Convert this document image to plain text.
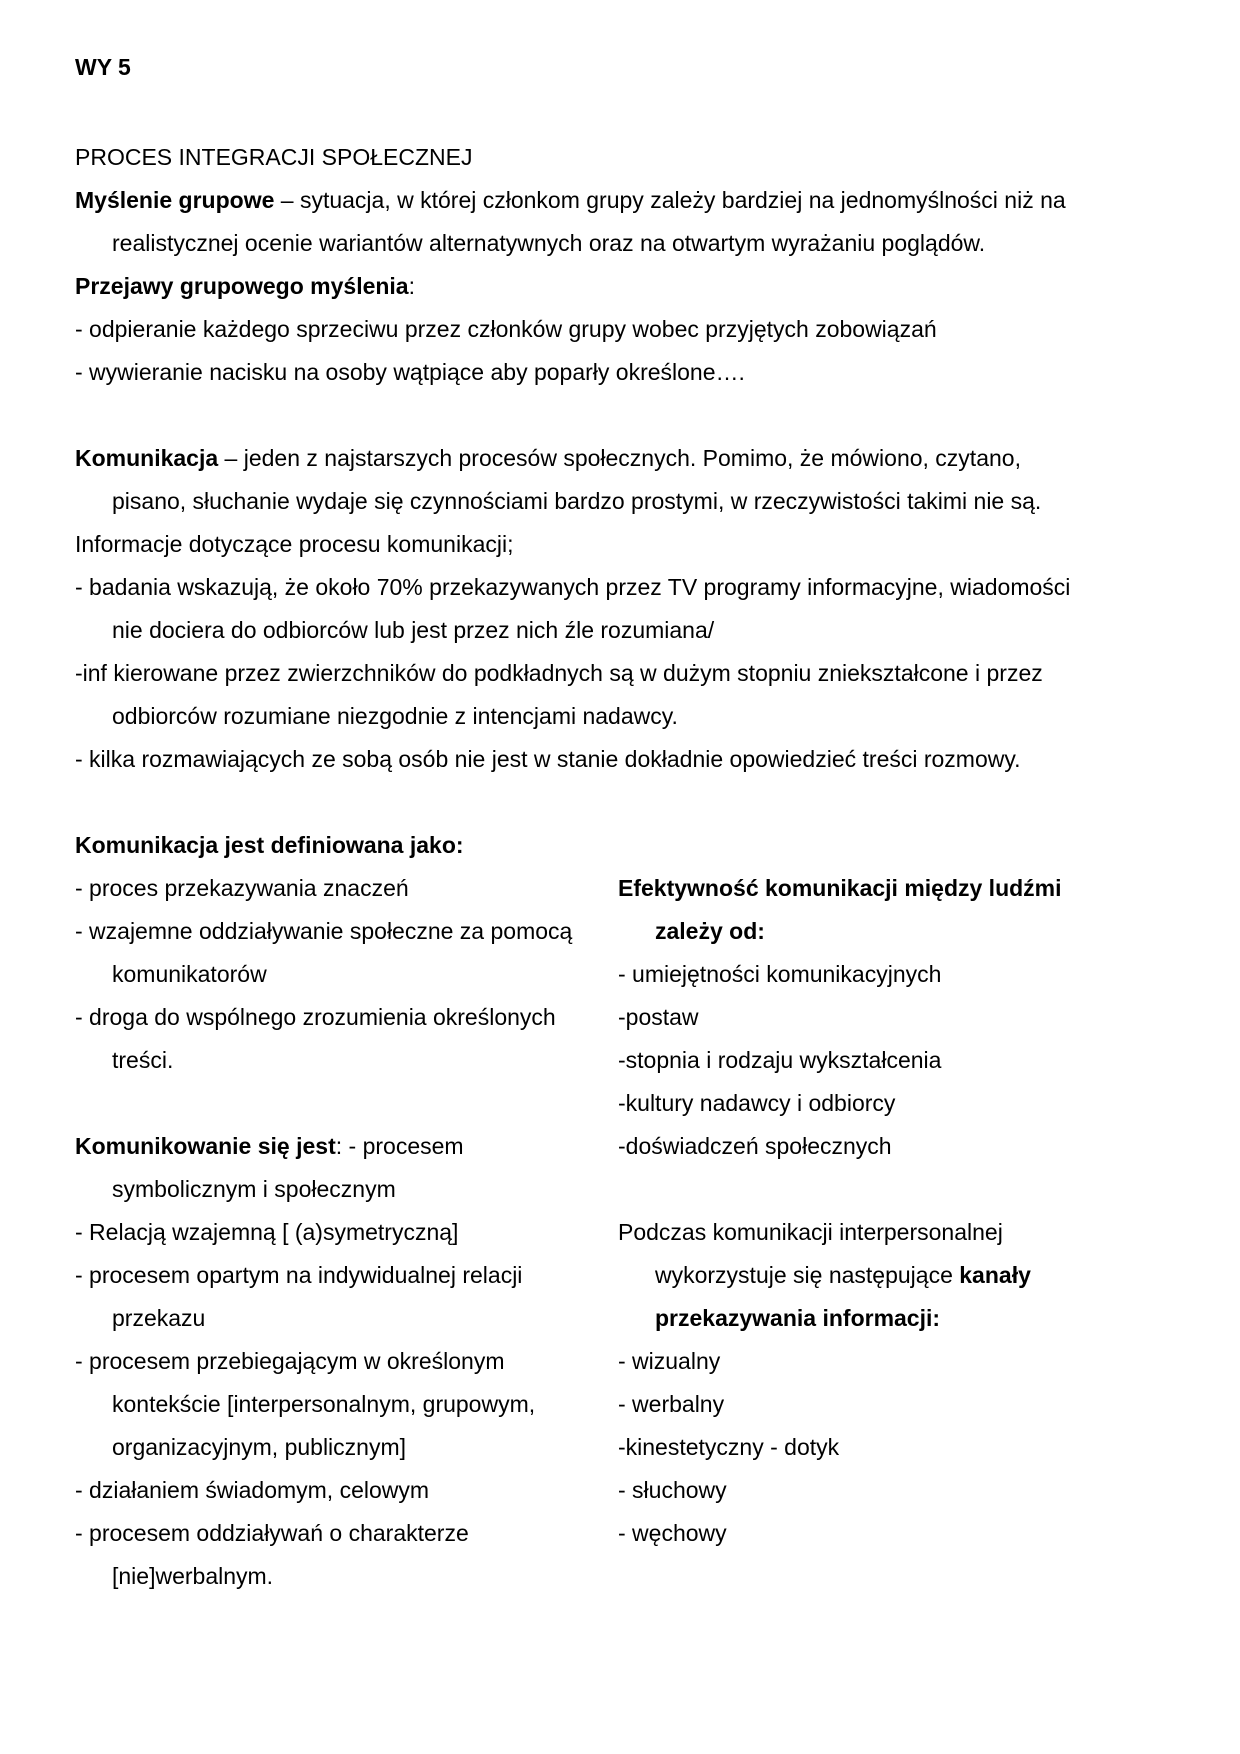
WY 5
PROCES INTEGRACJI SPOŁECZNEJ
Myślenie grupowe – sytuacja, w której członkom grupy zależy bardziej na jednomyślności niż na
realistycznej ocenie wariantów alternatywnych oraz na otwartym wyrażaniu poglądów.
Przejawy grupowego myślenia:
- odpieranie każdego sprzeciwu przez członków grupy wobec przyjętych zobowiązań
- wywieranie nacisku na osoby wątpiące aby poparły określone….
Komunikacja – jeden z najstarszych procesów społecznych. Pomimo, że mówiono, czytano,
pisano, słuchanie wydaje się czynnościami bardzo prostymi, w rzeczywistości takimi nie są.
Informacje dotyczące procesu komunikacji;
- badania wskazują, że około 70% przekazywanych przez TV programy informacyjne, wiadomości
nie dociera do odbiorców lub jest przez nich źle rozumiana/
-inf kierowane przez zwierzchników do podkładnych są w dużym stopniu zniekształcone i przez
odbiorców rozumiane niezgodnie z intencjami nadawcy.
- kilka rozmawiających ze sobą osób nie jest w stanie dokładnie opowiedzieć treści rozmowy.
Komunikacja jest definiowana jako:
- proces przekazywania znaczeń
- wzajemne oddziaływanie społeczne za pomocą
komunikatorów
- droga do wspólnego zrozumienia określonych
treści.
Komunikowanie się jest: - procesem
symbolicznym i społecznym
- Relacją wzajemną [ (a)symetryczną]
- procesem opartym na indywidualnej relacji
przekazu
- procesem przebiegającym w określonym
kontekście [interpersonalnym, grupowym,
organizacyjnym, publicznym]
- działaniem świadomym, celowym
- procesem oddziaływań o charakterze
[nie]werbalnym.
Efektywność komunikacji między ludźmi
zależy od:
- umiejętności komunikacyjnych
-postaw
-stopnia i rodzaju wykształcenia
-kultury nadawcy i odbiorcy
-doświadczeń społecznych
Podczas komunikacji interpersonalnej
wykorzystuje się następujące kanały
przekazywania informacji:
- wizualny
- werbalny
-kinestetyczny - dotyk
- słuchowy
- węchowy
